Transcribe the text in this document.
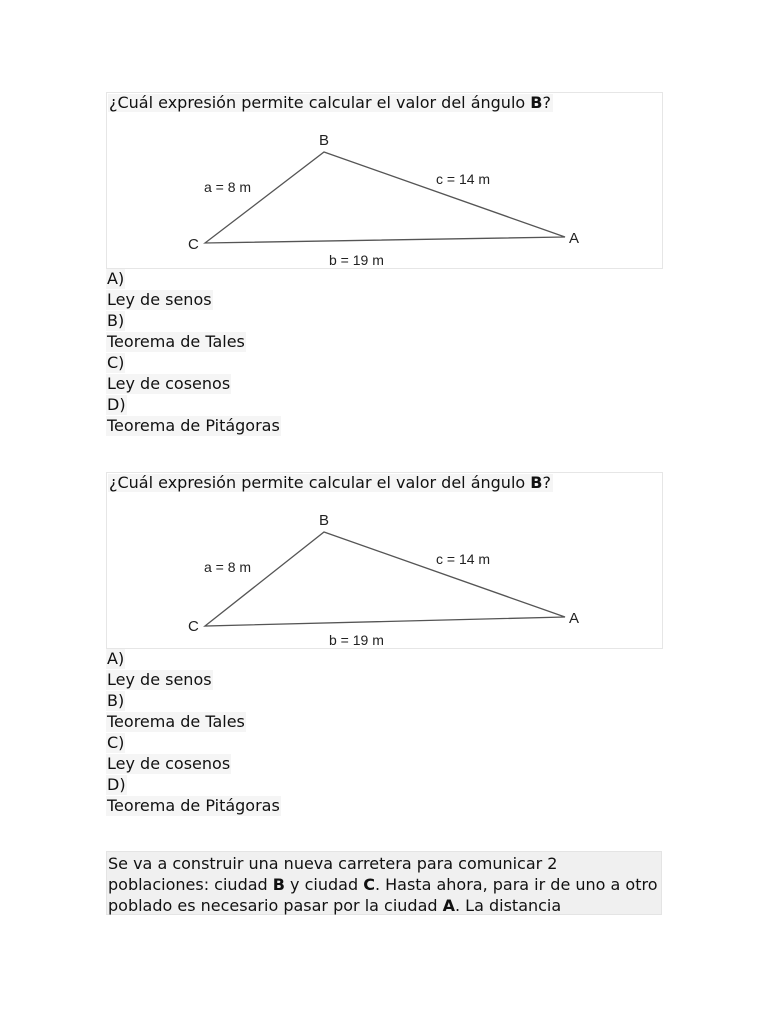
¿Cuál expresión permite calcular el valor del ángulo B?
B
C	A
a = 8 m	c = 14 m
b = 19 m
A)
Ley de senos
B)
Teorema de Tales
C)
Ley de cosenos
D)
Teorema de Pitágoras
¿Cuál expresión permite calcular el valor del ángulo B?
B
C	A
a = 8 m	c = 14 m
b = 19 m
A)
Ley de senos
B)
Teorema de Tales
C)
Ley de cosenos
D)
Teorema de Pitágoras
Se va a construir una nueva carretera para comunicar 2 poblaciones: ciudad B y ciudad C. Hasta ahora, para ir de uno a otro poblado es necesario pasar por la ciudad A. La distancia
